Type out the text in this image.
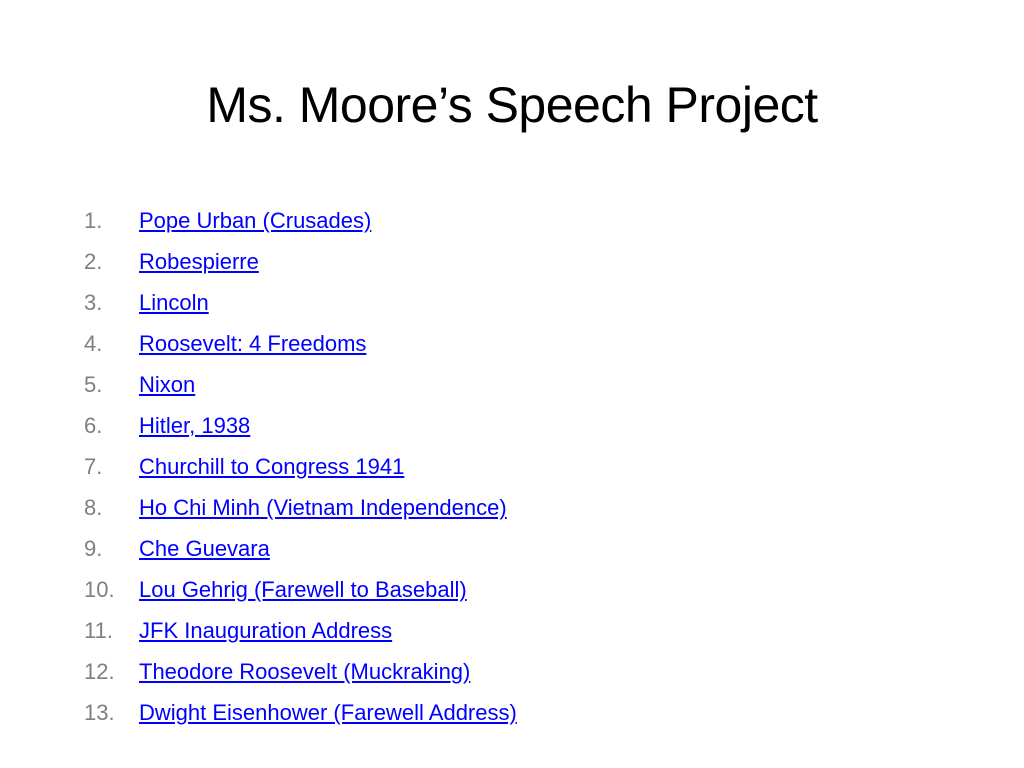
Ms. Moore’s Speech Project
1.	Pope Urban (Crusades)
2.	Robespierre
3.	Lincoln
4.	Roosevelt: 4 Freedoms
5.	Nixon
6.	Hitler, 1938
7.	Churchill to Congress 1941
8.	Ho Chi Minh (Vietnam Independence)
9.	Che Guevara
10.	Lou Gehrig (Farewell to Baseball)
11.	JFK Inauguration Address
12.	Theodore Roosevelt (Muckraking)
13.	Dwight Eisenhower (Farewell Address)
